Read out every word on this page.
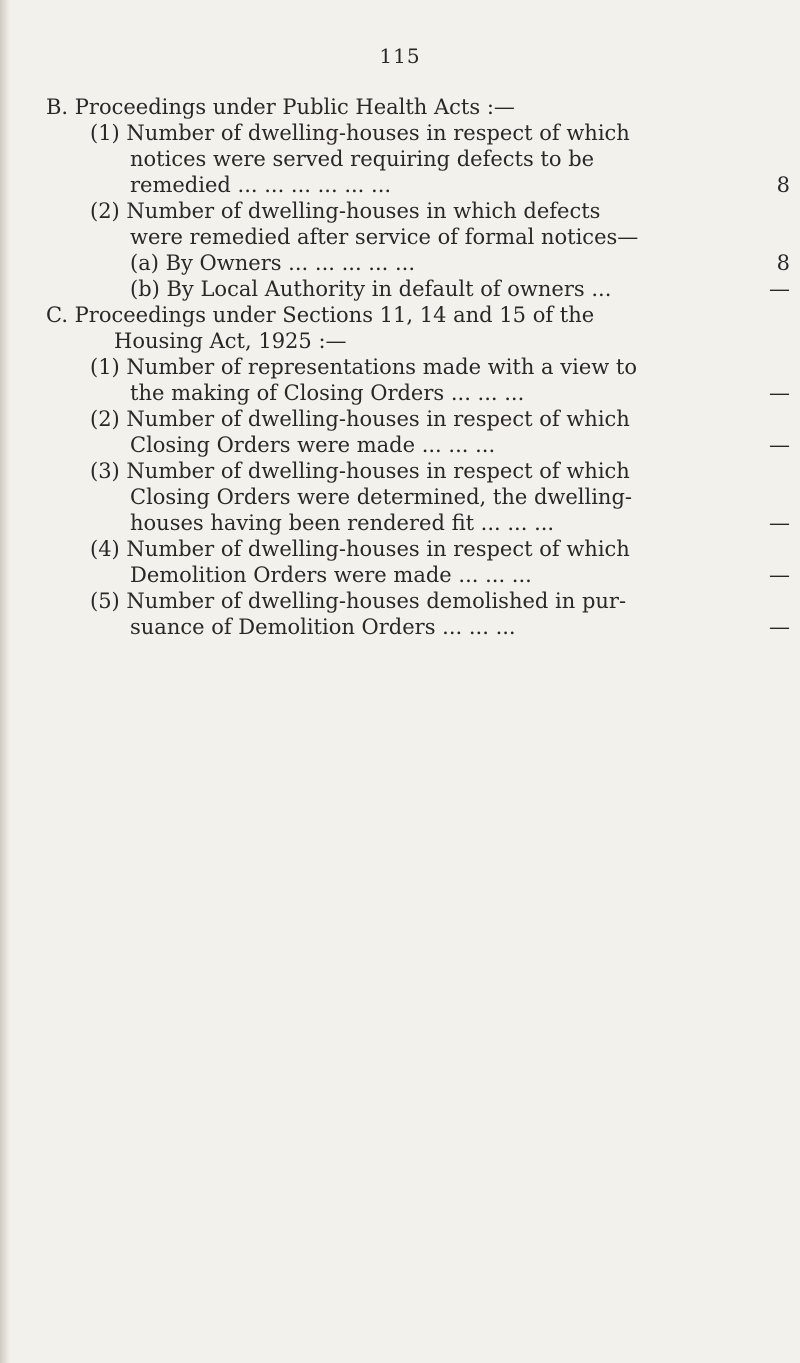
115
B. Proceedings under Public Health Acts :—
(1) Number of dwelling-houses in respect of which
notices were served requiring defects to be
remedied ... ... ... ... ... ...	8
(2) Number of dwelling-houses in which defects
were remedied after service of formal notices—
(a) By Owners ... ... ... ... ...	8
(b) By Local Authority in default of owners ...	—
C. Proceedings under Sections 11, 14 and 15 of the
Housing Act, 1925 :—
(1) Number of representations made with a view to
the making of Closing Orders ... ... ...	—
(2) Number of dwelling-houses in respect of which
Closing Orders were made ... ... ...	—
(3) Number of dwelling-houses in respect of which
Closing Orders were determined, the dwelling-
houses having been rendered fit ... ... ...	—
(4) Number of dwelling-houses in respect of which
Demolition Orders were made ... ... ...	—
(5) Number of dwelling-houses demolished in pur-
suance of Demolition Orders ... ... ...	—
